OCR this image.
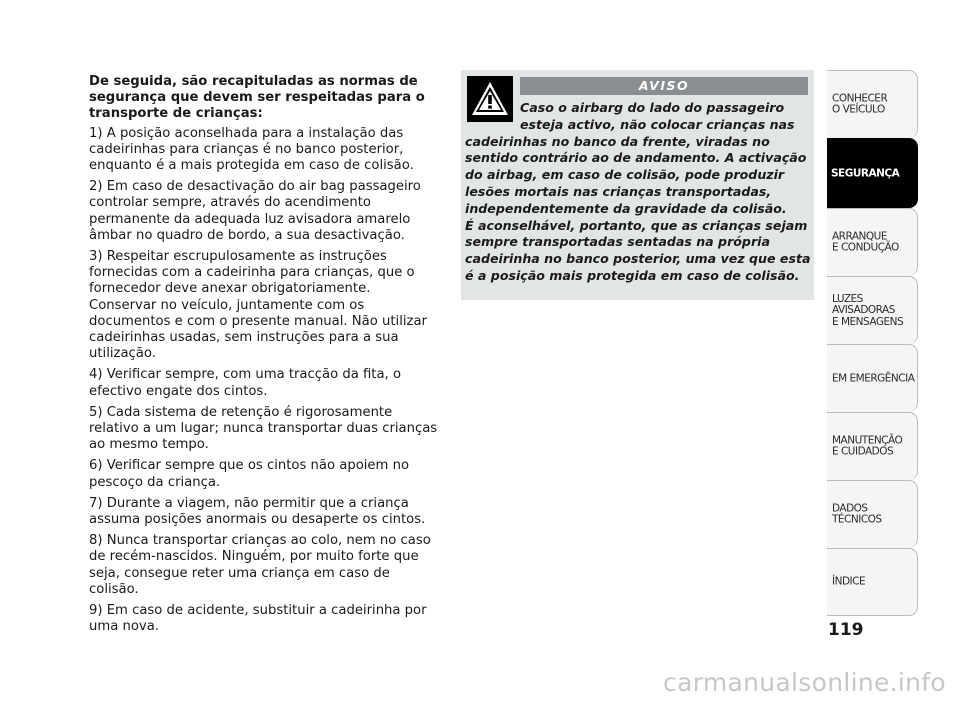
De seguida, são recapituladas as normas de segurança que devem ser respeitadas para o transporte de crianças:

1) A posição aconselhada para a instalação das cadeirinhas para crianças é no banco posterior, enquanto é a mais protegida em caso de colisão.

2) Em caso de desactivação do air bag passageiro controlar sempre, através do acendimento permanente da adequada luz avisadora amarelo âmbar no quadro de bordo, a sua desactivação.

3) Respeitar escrupulosamente as instruções fornecidas com a cadeirinha para crianças, que o fornecedor deve anexar obrigatoriamente. Conservar no veículo, juntamente com os documentos e com o presente manual. Não utilizar cadeirinhas usadas, sem instruções para a sua utilização.

4) Verificar sempre, com uma tracção da fita, o efectivo engate dos cintos.

5) Cada sistema de retenção é rigorosamente relativo a um lugar; nunca transportar duas crianças ao mesmo tempo.

6) Verificar sempre que os cintos não apoiem no pescoço da criança.

7) Durante a viagem, não permitir que a criança assuma posições anormais ou desaperte os cintos.

8) Nunca transportar crianças ao colo, nem no caso de recém-nascidos. Ninguém, por muito forte que seja, consegue reter uma criança em caso de colisão.

9) Em caso de acidente, substituir a cadeirinha por uma nova.

AVISO
Caso o airbarg do lado do passageiro
esteja activo, não colocar crianças nas
cadeirinhas no banco da frente, viradas no sentido contrário ao de andamento. A activação do airbag, em caso de colisão, pode produzir lesões mortais nas crianças transportadas, independentemente da gravidade da colisão.
É aconselhável, portanto, que as crianças sejam sempre transportadas sentadas na própria cadeirinha no banco posterior, uma vez que esta é a posição mais protegida em caso de colisão.
CONHECER
O VEÍCULO
SEGURANÇA
ARRANQUE
E CONDUÇÃO
LUZES
AVISADORAS
E MENSAGENS
EM EMERGÊNCIA
MANUTENÇÃO
E CUIDADOS
DADOS
TÉCNICOS
ÍNDICE
119
carmanualsonline.info
